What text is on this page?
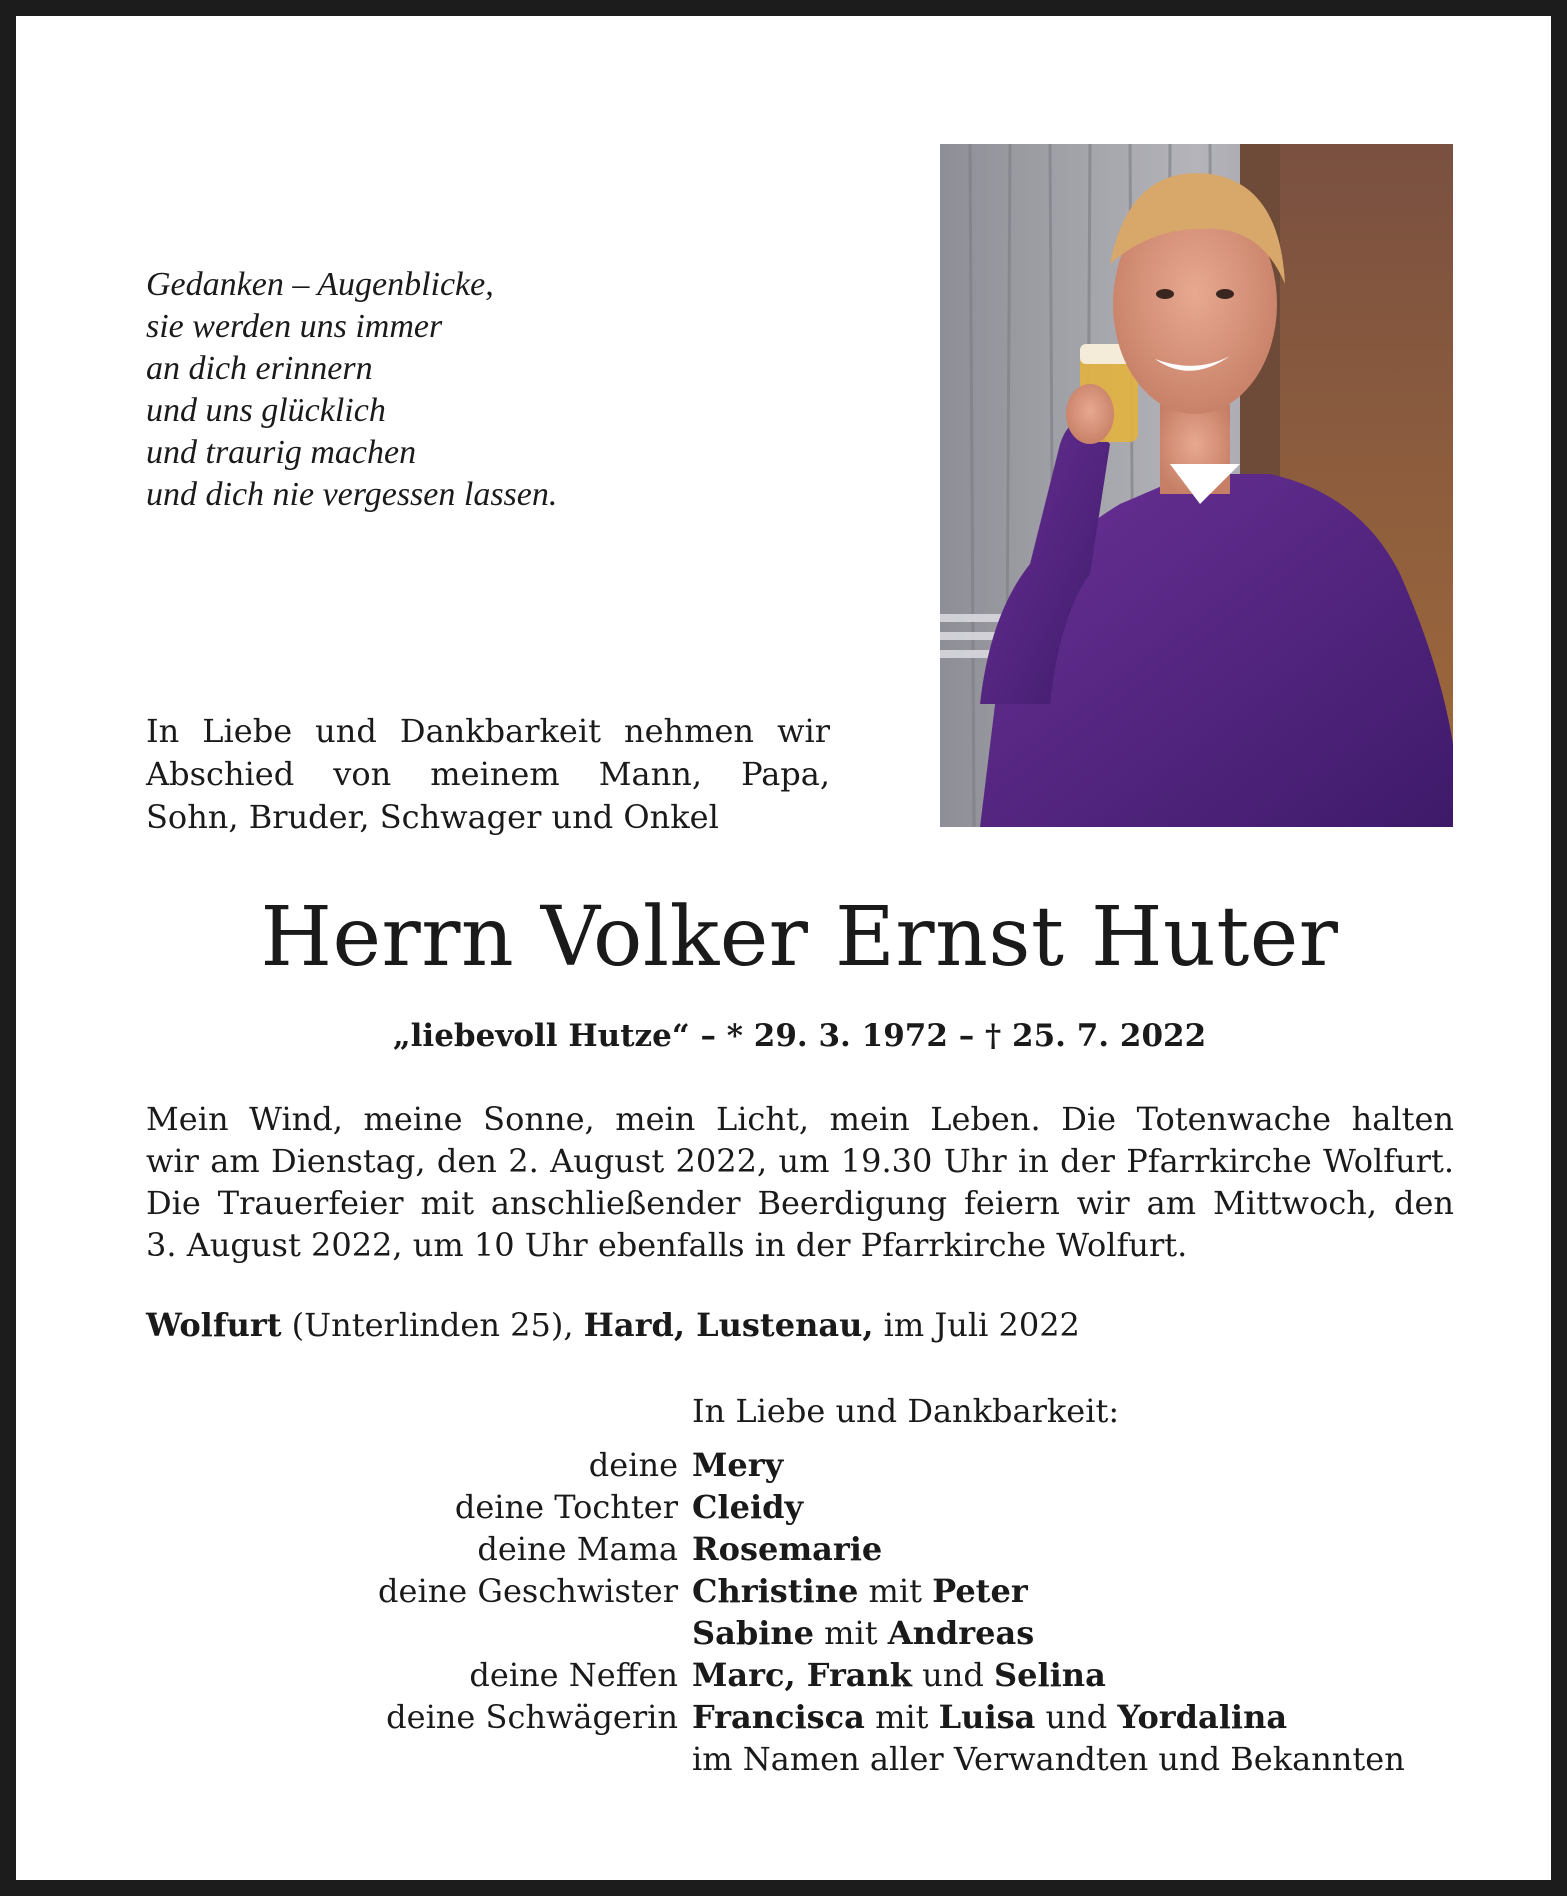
Gedanken – Augenblicke,
sie werden uns immer
an dich erinnern
und uns glücklich
und traurig machen
und dich nie vergessen lassen.
In Liebe und Dankbarkeit nehmen wir
Abschied von meinem Mann, Papa,
Sohn, Bruder, Schwager und Onkel
Herrn Volker Ernst Huter
„liebevoll Hutze“ – * 29. 3. 1972 – † 25. 7. 2022
Mein Wind, meine Sonne, mein Licht, mein Leben. Die Totenwache halten
wir am Dienstag, den 2. August 2022, um 19.30 Uhr in der Pfarrkirche Wolfurt.
Die Trauerfeier mit anschließender Beerdigung feiern wir am Mittwoch, den
3. August 2022, um 10 Uhr ebenfalls in der Pfarrkirche Wolfurt.
Wolfurt (Unterlinden 25), Hard, Lustenau, im Juli 2022
In Liebe und Dankbarkeit:
deine Mery
deine Tochter Cleidy
deine Mama Rosemarie
deine Geschwister Christine mit Peter
Sabine mit Andreas
deine Neffen Marc, Frank und Selina
deine Schwägerin Francisca mit Luisa und Yordalina
im Namen aller Verwandten und Bekannten
